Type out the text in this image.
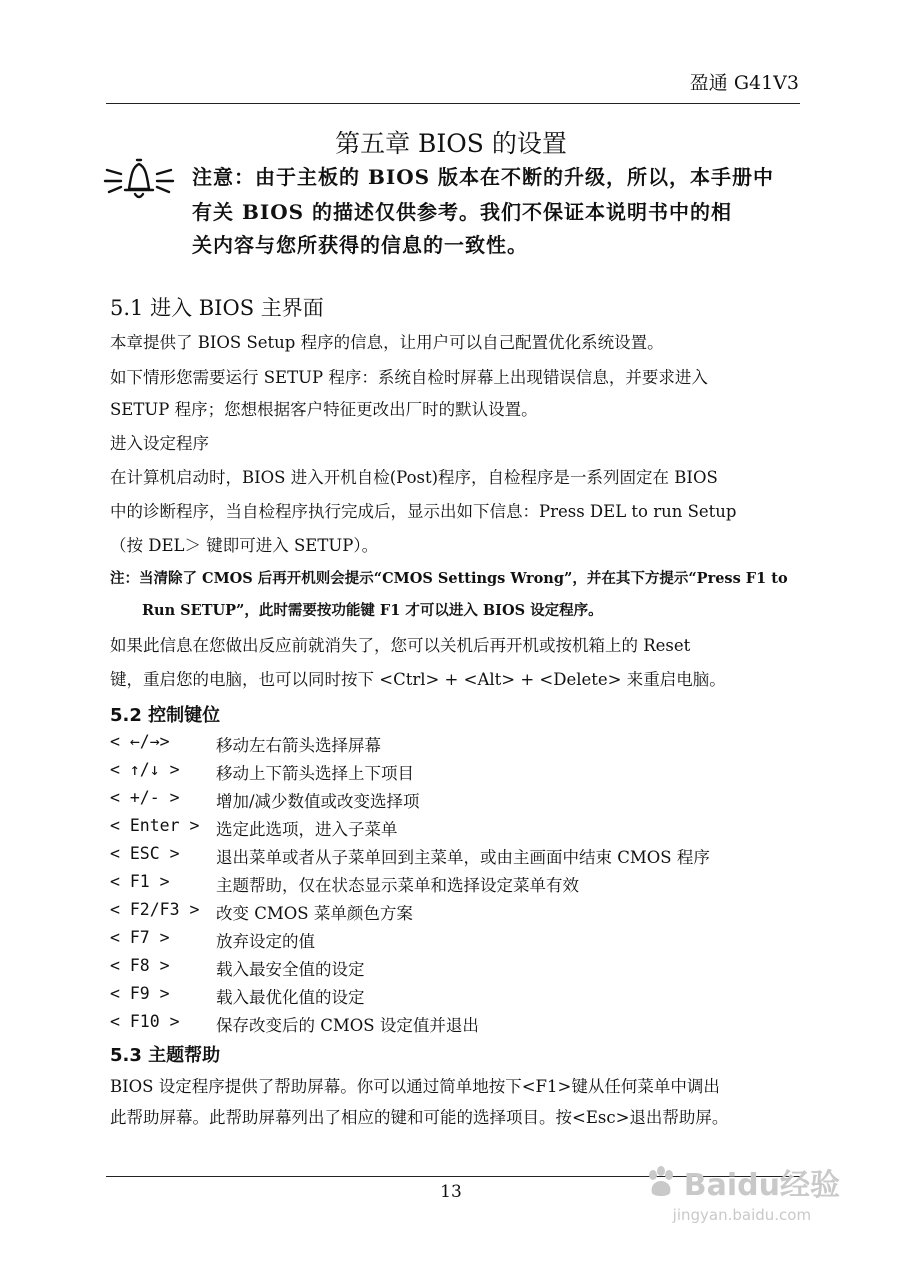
盈通 G41V3
第五章 BIOS 的设置
注意：由于主板的 BIOS 版本在不断的升级，所以，本手册中
有关 BIOS 的描述仅供参考。我们不保证本说明书中的相
关内容与您所获得的信息的一致性。
5.1 进入 BIOS 主界面
本章提供了 BIOS Setup 程序的信息，让用户可以自己配置优化系统设置。
如下情形您需要运行 SETUP 程序：系统自检时屏幕上出现错误信息，并要求进入
SETUP 程序；您想根据客户特征更改出厂时的默认设置。
进入设定程序
在计算机启动时，BIOS 进入开机自检(Post)程序，自检程序是一系列固定在 BIOS
中的诊断程序，当自检程序执行完成后，显示出如下信息：Press DEL to run Setup
（按 DEL＞ 键即可进入 SETUP）。
注：当清除了 CMOS 后再开机则会提示“CMOS Settings Wrong”，并在其下方提示“Press F1 to
Run SETUP”，此时需要按功能键 F1 才可以进入 BIOS 设定程序。
如果此信息在您做出反应前就消失了，您可以关机后再开机或按机箱上的 Reset
键，重启您的电脑，也可以同时按下 <Ctrl> + <Alt> + <Delete> 来重启电脑。
5.2 控制键位
< ←/→>	移动左右箭头选择屏幕
< ↑/↓ > 移动上下箭头选择上下项目
< +/- > 增加/减少数值或改变选择项
< Enter > 选定此选项，进入子菜单
< ESC > 退出菜单或者从子菜单回到主菜单，或由主画面中结束 CMOS 程序
< F1 >	主题帮助，仅在状态显示菜单和选择设定菜单有效
< F2/F3 > 改变 CMOS 菜单颜色方案
< F7 >	放弃设定的值
< F8 >	载入最安全值的设定
< F9 >	载入最优化值的设定
< F10 > 保存改变后的 CMOS 设定值并退出
5.3 主题帮助
BIOS 设定程序提供了帮助屏幕。你可以通过简单地按下<F1>键从任何菜单中调出
此帮助屏幕。此帮助屏幕列出了相应的键和可能的选择项目。按<Esc>退出帮助屏。
13	Baidu经验
jingyan.baidu.com
